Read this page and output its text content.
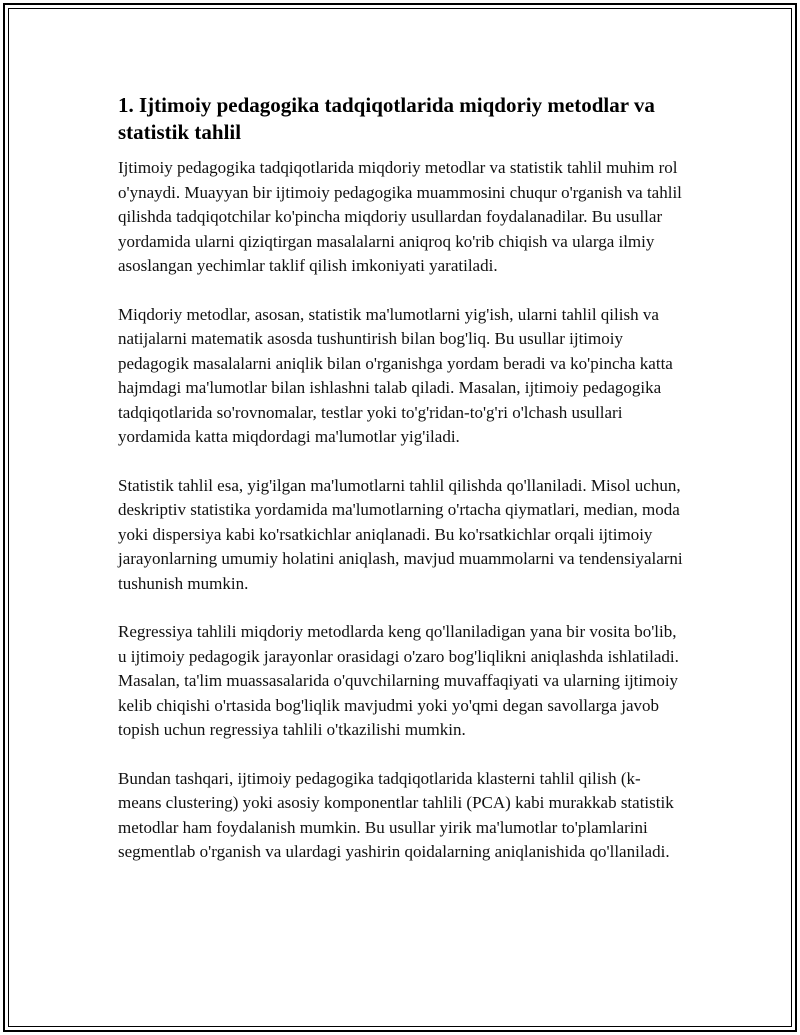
1. Ijtimoiy pedagogika tadqiqotlarida miqdoriy metodlar va statistik tahlil

Ijtimoiy pedagogika tadqiqotlarida miqdoriy metodlar va statistik tahlil muhim rol o'ynaydi. Muayyan bir ijtimoiy pedagogika muammosini chuqur o'rganish va tahlil qilishda tadqiqotchilar ko'pincha miqdoriy usullardan foydalanadilar. Bu usullar yordamida ularni qiziqtirgan masalalarni aniqroq ko'rib chiqish va ularga ilmiy asoslangan yechimlar taklif qilish imkoniyati yaratiladi.

Miqdoriy metodlar, asosan, statistik ma'lumotlarni yig'ish, ularni tahlil qilish va natijalarni matematik asosda tushuntirish bilan bog'liq. Bu usullar ijtimoiy pedagogik masalalarni aniqlik bilan o'rganishga yordam beradi va ko'pincha katta hajmdagi ma'lumotlar bilan ishlashni talab qiladi. Masalan, ijtimoiy pedagogika tadqiqotlarida so'rovnomalar, testlar yoki to'g'ridan-to'g'ri o'lchash usullari yordamida katta miqdordagi ma'lumotlar yig'iladi.

Statistik tahlil esa, yig'ilgan ma'lumotlarni tahlil qilishda qo'llaniladi. Misol uchun, deskriptiv statistika yordamida ma'lumotlarning o'rtacha qiymatlari, median, moda yoki dispersiya kabi ko'rsatkichlar aniqlanadi. Bu ko'rsatkichlar orqali ijtimoiy jarayonlarning umumiy holatini aniqlash, mavjud muammolarni va tendensiyalarni tushunish mumkin.

Regressiya tahlili miqdoriy metodlarda keng qo'llaniladigan yana bir vosita bo'lib, u ijtimoiy pedagogik jarayonlar orasidagi o'zaro bog'liqlikni aniqlashda ishlatiladi. Masalan, ta'lim muassasalarida o'quvchilarning muvaffaqiyati va ularning ijtimoiy kelib chiqishi o'rtasida bog'liqlik mavjudmi yoki yo'qmi degan savollarga javob topish uchun regressiya tahlili o'tkazilishi mumkin.

Bundan tashqari, ijtimoiy pedagogika tadqiqotlarida klasterni tahlil qilish (k-means clustering) yoki asosiy komponentlar tahlili (PCA) kabi murakkab statistik metodlar ham foydalanish mumkin. Bu usullar yirik ma'lumotlar to'plamlarini segmentlab o'rganish va ulardagi yashirin qoidalarning aniqlanishida qo'llaniladi.
